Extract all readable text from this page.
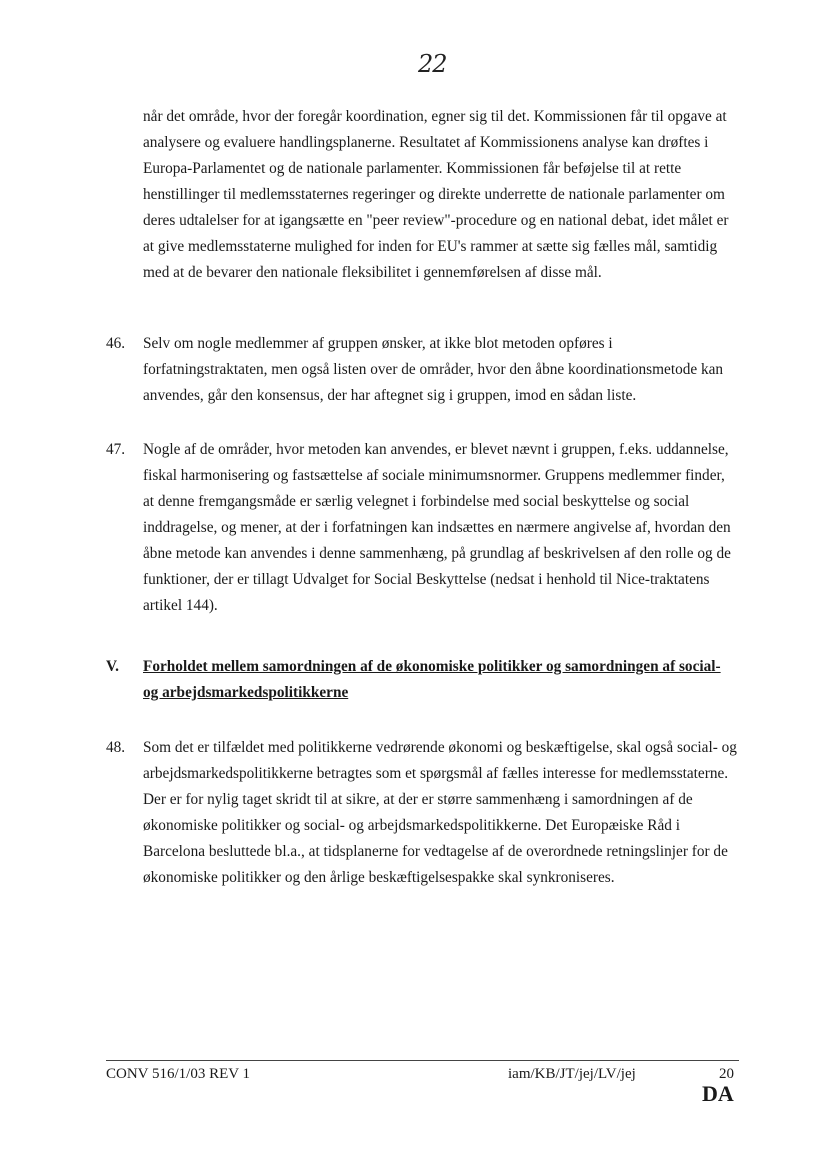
22

når det område, hvor der foregår koordination, egner sig til det. Kommissionen får til opgave at analysere og evaluere handlingsplanerne. Resultatet af Kommissionens analyse kan drøftes i Europa-Parlamentet og de nationale parlamenter. Kommissionen får beføjelse til at rette henstillinger til medlemsstaternes regeringer og direkte underrette de nationale parlamenter om deres udtalelser for at igangsætte en "peer review"-procedure og en national debat, idet målet er at give medlemsstaterne mulighed for inden for EU's rammer at sætte sig fælles mål, samtidig med at de bevarer den nationale fleksibilitet i gennemførelsen af disse mål.

46. Selv om nogle medlemmer af gruppen ønsker, at ikke blot metoden opføres i forfatningstraktaten, men også listen over de områder, hvor den åbne koordinationsmetode kan anvendes, går den konsensus, der har aftegnet sig i gruppen, imod en sådan liste.

47. Nogle af de områder, hvor metoden kan anvendes, er blevet nævnt i gruppen, f.eks. uddannelse, fiskal harmonisering og fastsættelse af sociale minimumsnormer. Gruppens medlemmer finder, at denne fremgangsmåde er særlig velegnet i forbindelse med social beskyttelse og social inddragelse, og mener, at der i forfatningen kan indsættes en nærmere angivelse af, hvordan den åbne metode kan anvendes i denne sammenhæng, på grundlag af beskrivelsen af den rolle og de funktioner, der er tillagt Udvalget for Social Beskyttelse (nedsat i henhold til Nice-traktatens artikel 144).

V. Forholdet mellem samordningen af de økonomiske politikker og samordningen af social- og arbejdsmarkedspolitikkerne
48. Som det er tilfældet med politikkerne vedrørende økonomi og beskæftigelse, skal også social- og arbejdsmarkedspolitikkerne betragtes som et spørgsmål af fælles interesse for medlemsstaterne. Der er for nylig taget skridt til at sikre, at der er større sammenhæng i samordningen af de økonomiske politikker og social- og arbejdsmarkedspolitikkerne. Det Europæiske Råd i Barcelona besluttede bl.a., at tidsplanerne for vedtagelse af de overordnede retningslinjer for de økonomiske politikker og den årlige beskæftigelsespakke skal synkroniseres.

CONV 516/1/03 REV 1	iam/KB/JT/jej/LV/jej	20
DA
